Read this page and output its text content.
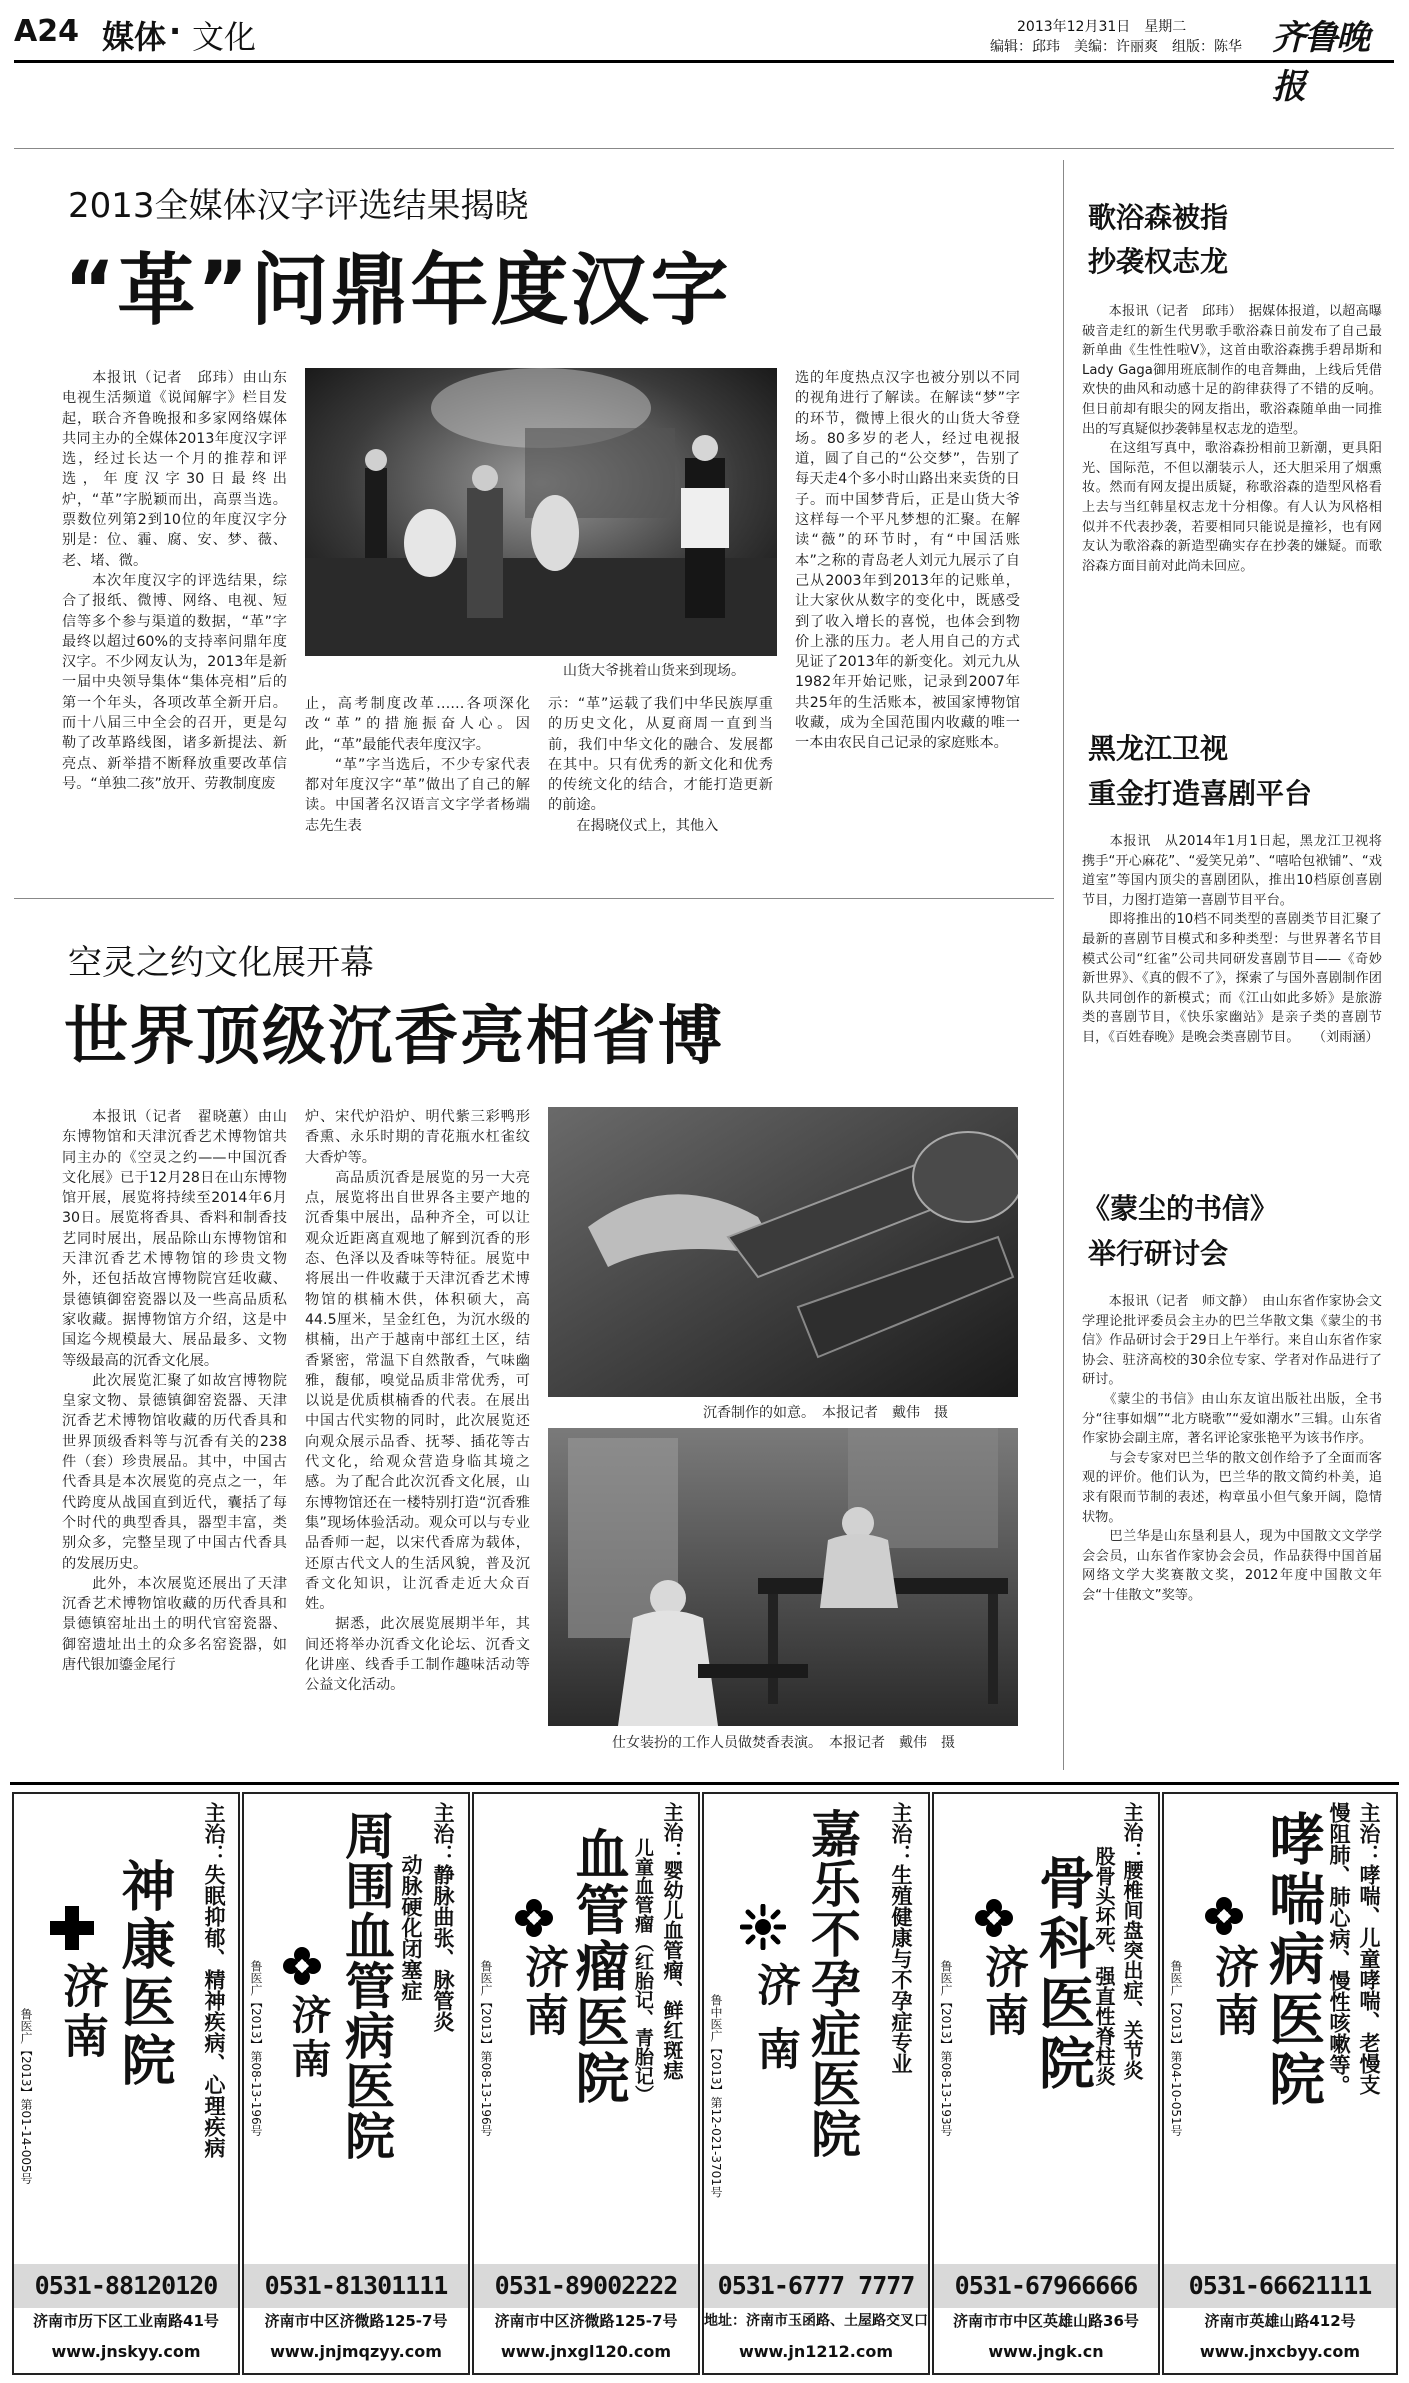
A24 媒体 · 文化	2013年12月31日　星期二
编辑：邱玮　美编：许丽爽　组版：陈华 齐鲁晚报
2013全媒体汉字评选结果揭晓
“革”问鼎年度汉字
　　本报讯（记者　邱玮）由山东电视生活频道《说闻解字》栏目发起，联合齐鲁晚报和多家网络媒体共同主办的全媒体2013年度汉字评选，经过长达一个月的推荐和评选，年度汉字30日最终出炉，“革”字脱颖而出，高票当选。票数位列第2到10位的年度汉字分别是：位、霾、腐、安、梦、薇、老、堵、微。
　　本次年度汉字的评选结果，综合了报纸、微博、网络、电视、短信等多个参与渠道的数据，“革”字最终以超过60%的支持率问鼎年度汉字。不少网友认为，2013年是新一届中央领导集体“集体亮相”后的第一个年头，各项改革全新开启。而十八届三中全会的召开，更是勾勒了改革路线图，诸多新提法、新亮点、新举措不断释放重要改革信号。“单独二孩”放开、劳教制度废
山货大爷挑着山货来到现场。
止，高考制度改革……各项深化改“革”的措施振奋人心。因此，“革”最能代表年度汉字。
　　“革”字当选后，不少专家代表都对年度汉字“革”做出了自己的解读。中国著名汉语言文字学者杨端志先生表
示：“革”运载了我们中华民族厚重的历史文化，从夏商周一直到当前，我们中华文化的融合、发展都在其中。只有优秀的新文化和优秀的传统文化的结合，才能打造更新的前途。
　　在揭晓仪式上，其他入
选的年度热点汉字也被分别以不同的视角进行了解读。在解读“梦”字的环节，微博上很火的山货大爷登场。80多岁的老人，经过电视报道，圆了自己的“公交梦”，告别了每天走4个多小时山路出来卖货的日子。而中国梦背后，正是山货大爷这样每一个平凡梦想的汇聚。在解读“薇”的环节时，有“中国活账本”之称的青岛老人刘元九展示了自己从2003年到2013年的记账单，让大家伙从数字的变化中，既感受到了收入增长的喜悦，也体会到物价上涨的压力。老人用自己的方式见证了2013年的新变化。刘元九从1982年开始记账，记录到2007年共25年的生活账本，被国家博物馆收藏，成为全国范围内收藏的唯一一本由农民自己记录的家庭账本。
空灵之约文化展开幕
世界顶级沉香亮相省博
　　本报讯（记者　翟晓蕙）由山东博物馆和天津沉香艺术博物馆共同主办的《空灵之约——中国沉香文化展》已于12月28日在山东博物馆开展，展览将持续至2014年6月30日。展览将香具、香料和制香技艺同时展出，展品除山东博物馆和天津沉香艺术博物馆的珍贵文物外，还包括故宫博物院宫廷收藏、景德镇御窑瓷器以及一些高品质私家收藏。据博物馆方介绍，这是中国迄今规模最大、展品最多、文物等级最高的沉香文化展。
　　此次展览汇聚了如故宫博物院皇家文物、景德镇御窑瓷器、天津沉香艺术博物馆收藏的历代香具和世界顶级香料等与沉香有关的238件（套）珍贵展品。其中，中国古代香具是本次展览的亮点之一，年代跨度从战国直到近代，囊括了每个时代的典型香具，器型丰富，类别众多，完整呈现了中国古代香具的发展历史。
　　此外，本次展览还展出了天津沉香艺术博物馆收藏的历代香具和景德镇窑址出土的明代官窑瓷器、御窑遗址出土的众多名窑瓷器，如唐代银加鎏金尾行
炉、宋代炉沿炉、明代紫三彩鸭形香熏、永乐时期的青花瓶水杠雀纹大香炉等。
　　高品质沉香是展览的另一大亮点，展览将出自世界各主要产地的沉香集中展出，品种齐全，可以让观众近距离直观地了解到沉香的形态、色泽以及香味等特征。展览中将展出一件收藏于天津沉香艺术博物馆的棋楠木供，体积硕大，高44.5厘米，呈金红色，为沉水级的棋楠，出产于越南中部红土区，结香紧密，常温下自然散香，气味幽雅，馥郁，嗅觉品质非常优秀，可以说是优质棋楠香的代表。在展出中国古代实物的同时，此次展览还向观众展示品香、抚琴、插花等古代文化，给观众营造身临其境之感。为了配合此次沉香文化展，山东博物馆还在一楼特别打造“沉香雅集”现场体验活动。观众可以与专业品香师一起，以宋代香席为载体，还原古代文人的生活风貌，普及沉香文化知识，让沉香走近大众百姓。
　　据悉，此次展览展期半年，其间还将举办沉香文化论坛、沉香文化讲座、线香手工制作趣味活动等公益文化活动。
沉香制作的如意。　本报记者　戴伟　摄
仕女装扮的工作人员做焚香表演。　本报记者　戴伟　摄
歌浴森被指
抄袭权志龙
　　本报讯（记者　邱玮）　据媒体报道，以超高曝破音走红的新生代男歌手歌浴森日前发布了自己最新单曲《生性性啦V》，这首由歌浴森携手碧昂斯和Lady Gaga御用班底制作的电音舞曲，上线后凭借欢快的曲风和动感十足的韵律获得了不错的反响。但日前却有眼尖的网友指出，歌浴森随单曲一同推出的写真疑似抄袭韩星权志龙的造型。
　　在这组写真中，歌浴森扮相前卫新潮，更具阳光、国际范，不但以潮装示人，还大胆采用了烟熏妆。然而有网友提出质疑，称歌浴森的造型风格看上去与当红韩星权志龙十分相像。有人认为风格相似并不代表抄袭，若要相同只能说是撞衫，也有网友认为歌浴森的新造型确实存在抄袭的嫌疑。而歌浴森方面目前对此尚未回应。
黑龙江卫视
重金打造喜剧平台
　　本报讯　从2014年1月1日起，黑龙江卫视将携手“开心麻花”、“爱笑兄弟”、“嘻哈包袱铺”、“戏道室”等国内顶尖的喜剧团队，推出10档原创喜剧节目，力图打造第一喜剧节目平台。
　　即将推出的10档不同类型的喜剧类节目汇聚了最新的喜剧节目模式和多种类型：与世界著名节目模式公司“红雀”公司共同研发喜剧节目——《奇妙新世界》、《真的假不了》，探索了与国外喜剧制作团队共同创作的新模式；而《江山如此多娇》是旅游类的喜剧节目，《快乐家幽站》是亲子类的喜剧节目，《百姓春晚》是晚会类喜剧节目。　　（刘雨涵）
《蒙尘的书信》
举行研讨会
　　本报讯（记者　师文静）　由山东省作家协会文学理论批评委员会主办的巴兰华散文集《蒙尘的书信》作品研讨会于29日上午举行。来自山东省作家协会、驻济高校的30余位专家、学者对作品进行了研讨。
　　《蒙尘的书信》由山东友谊出版社出版，全书分“往事如烟”“北方晓歌”“爱如潮水”三辑。山东省作家协会副主席，著名评论家张艳平为该书作序。
　　与会专家对巴兰华的散文创作给予了全面而客观的评价。他们认为，巴兰华的散文简约朴美，追求有限而节制的表述，构章虽小但气象开阔，隐情状物。
　　巴兰华是山东垦利县人，现为中国散文文学学会会员，山东省作家协会会员，作品获得中国首届网络文学大奖赛散文奖，2012年度中国散文年会“十佳散文”奖等。
鲁医广【2013】第01-14-005号 济南 神康医院
主治：
失眠抑郁、精神疾病、心理疾病
0531-88120120
济南市历下区工业南路41号
www.jnskyy.com
鲁医广【2013】第08-13-196号 济南 周围血管病医院	主治：
静脉曲张、脉管炎
动脉硬化闭塞症
0531-81301111
济南市中区济微路125-7号
www.jnjmqzyy.com
鲁医广【2013】第08-13-196号 济南 血管瘤医院	主治：
婴幼儿血管瘤、鲜红斑痣
儿童血管瘤（红胎记、青胎记）
0531-89002222
济南市中区济微路125-7号
www.jnxgl120.com
鲁中医广【2013】第12-021-3701号 济南 嘉乐不孕症医院	主治：
生殖健康与不孕症专业
0531-6777 7777
地址：济南市玉函路、土屋路交叉口
www.jn1212.com
鲁医广【2013】第08-13-193号 济南 骨科医院
主治：
腰椎间盘突出症、关节炎
股骨头坏死、强直性脊柱炎
0531-67966666
济南市市中区英雄山路36号
www.jngk.cn
鲁医广【2013】第04-10-051号 济南 哮喘病医院	主治：
哮喘、儿童哮喘、老慢支
慢阻肺、肺心病、慢性咳嗽等。
0531-66621111
济南市英雄山路412号
www.jnxcbyy.com
